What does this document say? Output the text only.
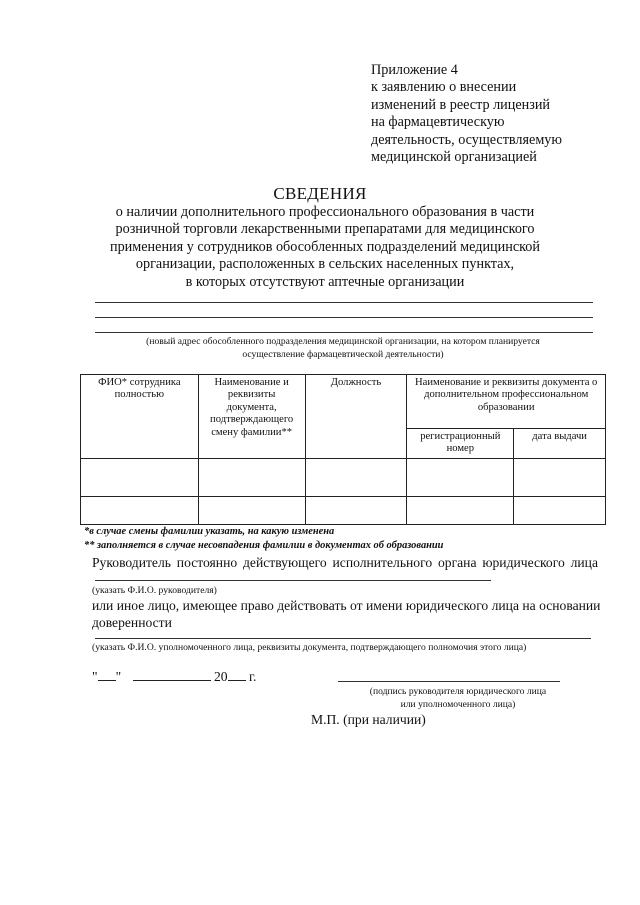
Приложение 4
к заявлению о внесении
изменений в реестр лицензий
на фармацевтическую
деятельность, осуществляемую
медицинской организацией
СВЕДЕНИЯ
о наличии дополнительного профессионального образования в части
розничной торговли лекарственными препаратами для медицинского
применения у сотрудников обособленных подразделений медицинской
организации, расположенных в сельских населенных пунктах,
в которых отсутствуют аптечные организации
(новый адрес обособленного подразделения медицинской организации, на котором планируется
осуществление фармацевтической деятельности)
ФИО* сотрудника полностью	Наименование и реквизиты документа, подтверждающего смену фамилии**	Должность	Наименование и реквизиты документа о дополнительном профессиональном образовании	
			регистрационный номер	дата выдачи

*в случае смены фамилии указать, на какую изменена
** заполняется в случае несовпадения фамилии в документах об образовании
Руководитель постоянно действующего исполнительного органа юридического лица
(указать Ф.И.О. руководителя)
или иное лицо, имеющее право действовать от имени юридического лица на основании
доверенности
(указать Ф.И.О. уполномоченного лица, реквизиты документа, подтверждающего полномочия этого лица)
" "	20 г.
(подпись руководителя юридического лица
или уполномоченного лица)
М.П. (при наличии)
